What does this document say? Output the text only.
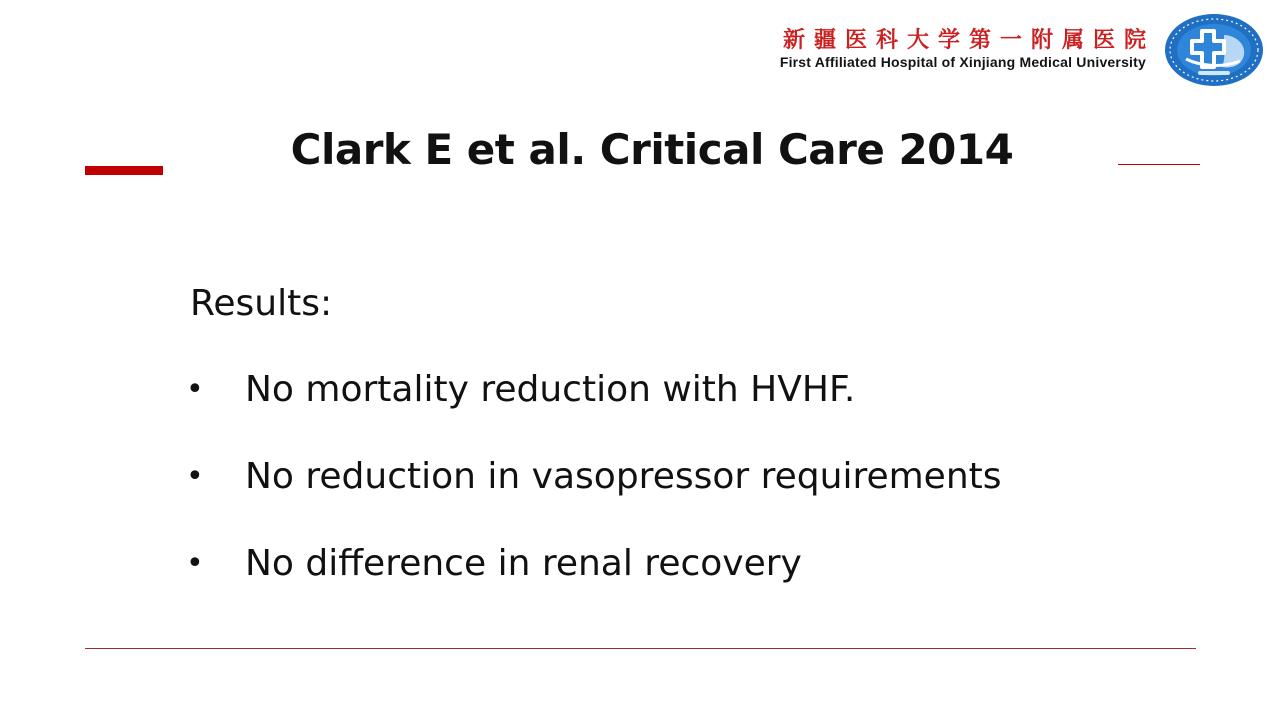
新疆医科大学第一附属医院
First Affiliated Hospital of Xinjiang Medical University
Clark E et al. Critical Care 2014
Results:
• No mortality reduction with HVHF.
• No reduction in vasopressor requirements
• No difference in renal recovery
